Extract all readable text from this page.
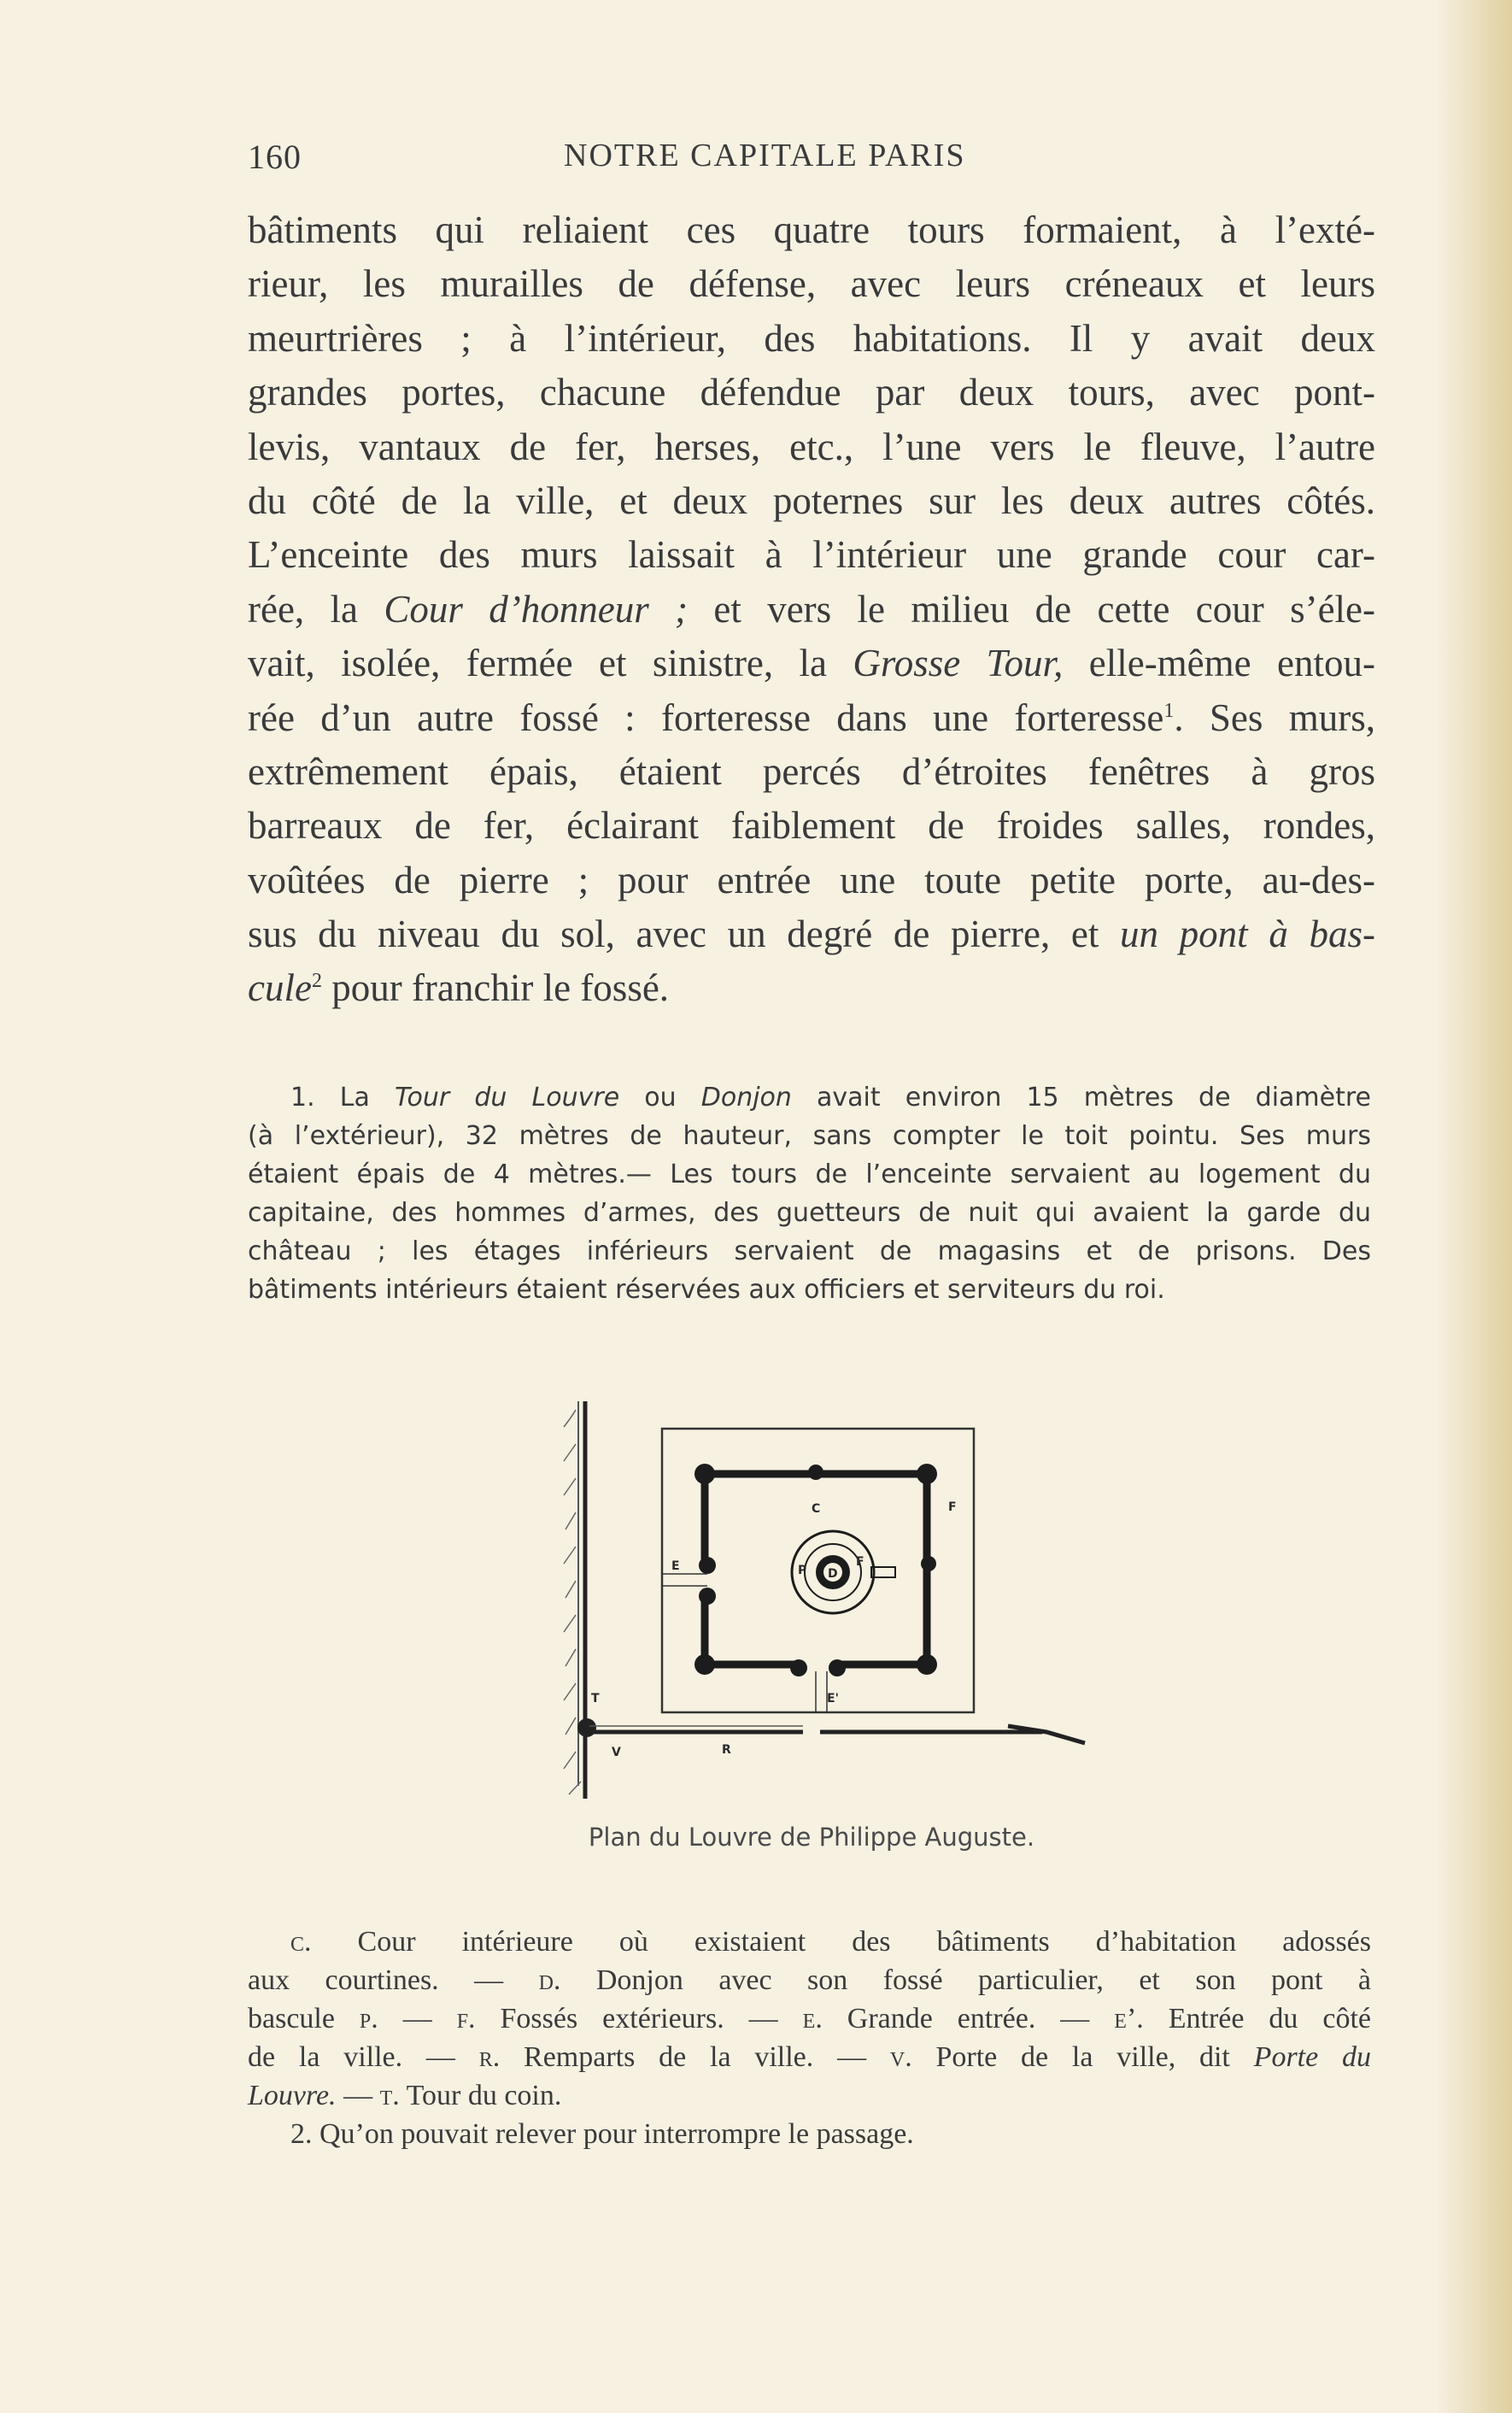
160	NOTRE CAPITALE PARIS
bâtiments qui reliaient ces quatre tours formaient, à l’exté-
rieur, les murailles de défense, avec leurs créneaux et leurs
meurtrières ; à l’intérieur, des habitations. Il y avait deux
grandes portes, chacune défendue par deux tours, avec pont-
levis, vantaux de fer, herses, etc., l’une vers le fleuve, l’autre
du côté de la ville, et deux poternes sur les deux autres côtés.
L’enceinte des murs laissait à l’intérieur une grande cour car-
rée, la Cour d’honneur ; et vers le milieu de cette cour s’éle-
vait, isolée, fermée et sinistre, la Grosse Tour, elle-même entou-
rée d’un autre fossé : forteresse dans une forteresse$^1$. Ses murs,
extrêmement épais, étaient percés d’étroites fenêtres à gros
barreaux de fer, éclairant faiblement de froides salles, rondes,
voûtées de pierre ; pour entrée une toute petite porte, au-des-
sus du niveau du sol, avec un degré de pierre, et un pont à bas-
cule$^2$ pour franchir le fossé.
1. La Tour du Louvre ou Donjon avait environ 15 mètres de diamètre
(à l’extérieur), 32 mètres de hauteur, sans compter le toit pointu. Ses murs
étaient épais de 4 mètres.— Les tours de l’enceinte servaient au logement du
capitaine, des hommes d’armes, des guetteurs de nuit qui avaient la garde du
château ; les étages inférieurs servaient de magasins et de prisons. Des
bâtiments intérieurs étaient réservées aux officiers et serviteurs du roi.
C	F
E	P
F
D
E'
T
V	R
Plan du Louvre de Philippe Auguste.
c. Cour intérieure où existaient des bâtiments d’habitation adossés
aux courtines. — d. Donjon avec son fossé particulier, et son pont à
bascule p. — f. Fossés extérieurs. — e. Grande entrée. — e’. Entrée du côté
de la ville. — r. Remparts de la ville. — v. Porte de la ville, dit Porte du
Louvre. — t. Tour du coin.
2. Qu’on pouvait relever pour interrompre le passage.
